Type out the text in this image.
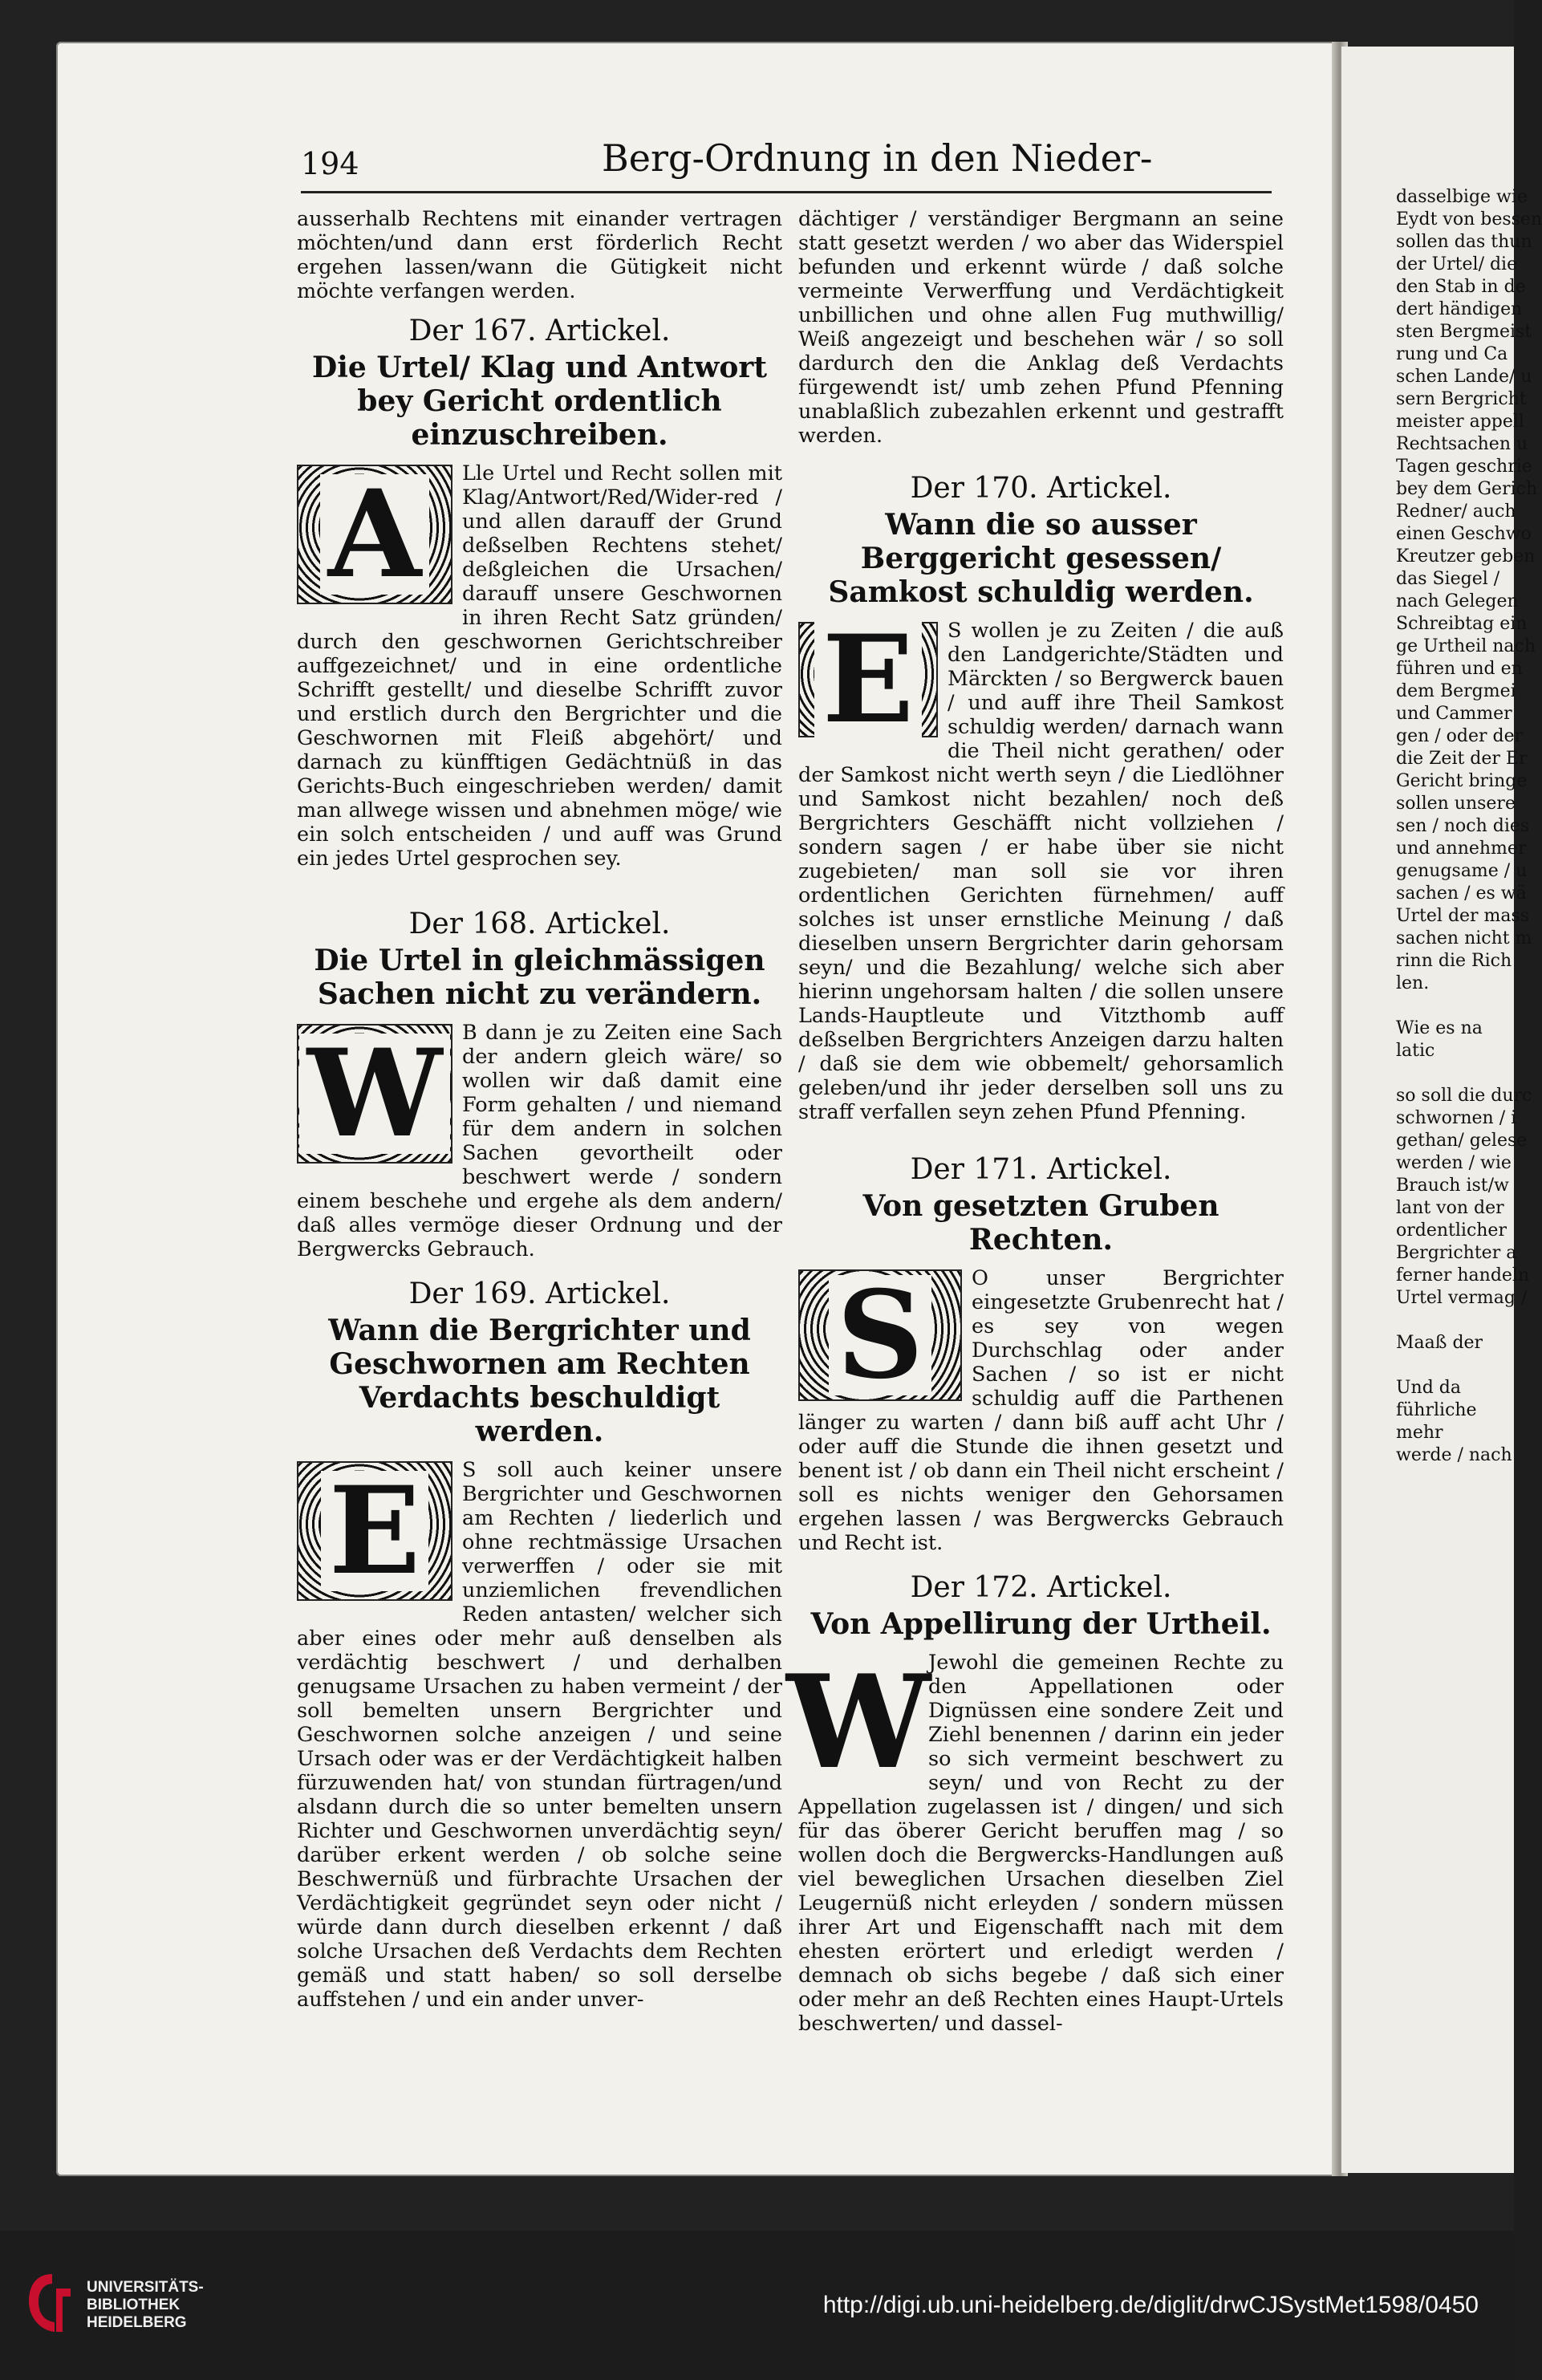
194	Berg-Ordnung in den Nieder-

ausserhalb Rechtens mit einander vertragen möchten/und dann erst förderlich Recht ergehen lassen/wann die Gütigkeit nicht möchte verfangen werden.

Der 167. Artickel.
Die Urtel/ Klag und Antwort bey Gericht ordentlich einzuschreiben.
A	Lle Urtel und Recht sollen mit Klag/Antwort/Red/Wider-red / und allen darauff der Grund deßselben Rechtens stehet/ deßgleichen die Ursachen/ darauff unsere Geschwornen in ihren Recht Satz gründen/ durch den geschwornen Gerichtschreiber auffgezeichnet/ und in eine ordentliche Schrifft gestellt/ und dieselbe Schrifft zuvor und erstlich durch den Bergrichter und die Geschwornen mit Fleiß abgehört/ und darnach zu künfftigen Gedächtnüß in das Gerichts-Buch eingeschrieben werden/ damit man allwege wissen und abnehmen möge/ wie ein solch entscheiden / und auff was Grund ein jedes Urtel gesprochen sey.

Der 168. Artickel.
Die Urtel in gleichmässigen Sachen nicht zu verändern.
W B dann je zu Zeiten eine Sach der andern gleich wäre/ so wollen wir daß damit eine Form gehalten / und niemand für dem andern in solchen Sachen gevortheilt oder beschwert werde / sondern einem beschehe und ergehe als dem andern/ daß alles vermöge dieser Ordnung und der Bergwercks Gebrauch.

Der 169. Artickel.
Wann die Bergrichter und Geschwornen am Rechten Verdachts beschuldigt werden.
E	S soll auch keiner unsere Bergrichter und Geschwornen am Rechten / liederlich und ohne rechtmässige Ursachen verwerffen / oder sie mit unziemlichen frevendlichen Reden antasten/ welcher sich aber eines oder mehr auß denselben als verdächtig beschwert / und derhalben genugsame Ursachen zu haben vermeint / der soll bemelten unsern Bergrichter und Geschwornen solche anzeigen / und seine Ursach oder was er der Verdächtigkeit halben fürzuwenden hat/ von stundan fürtragen/und alsdann durch die so unter bemelten unsern Richter und Geschwornen unverdächtig seyn/ darüber erkent werden / ob solche seine Beschwernüß und fürbrachte Ursachen der Verdächtigkeit gegründet seyn oder nicht / würde dann durch dieselben erkennt / daß solche Ursachen deß Verdachts dem Rechten gemäß und statt haben/ so soll derselbe auffstehen / und ein ander unver-

dächtiger / verständiger Bergmann an seine statt gesetzt werden / wo aber das Widerspiel befunden und erkennt würde / daß solche vermeinte Verwerffung und Verdächtigkeit unbillichen und ohne allen Fug muthwillig/ Weiß angezeigt und beschehen wär / so soll dardurch den die Anklag deß Verdachts fürgewendt ist/ umb zehen Pfund Pfenning unablaßlich zubezahlen erkennt und gestrafft werden.

Der 170. Artickel.
Wann die so ausser Berggericht gesessen/ Samkost schuldig werden.
E	S wollen je zu Zeiten / die auß den Landgerichte/Städten und Märckten / so Bergwerck bauen / und auff ihre Theil Samkost schuldig werden/ darnach wann die Theil nicht gerathen/ oder der Samkost nicht werth seyn / die Liedlöhner und Samkost nicht bezahlen/ noch deß Bergrichters Geschäfft nicht vollziehen / sondern sagen / er habe über sie nicht zugebieten/ man soll sie vor ihren ordentlichen Gerichten fürnehmen/ auff solches ist unser ernstliche Meinung / daß dieselben unsern Bergrichter darin gehorsam seyn/ und die Bezahlung/ welche sich aber hierinn ungehorsam halten / die sollen unsere Lands-Hauptleute und Vitzthomb auff deßselben Bergrichters Anzeigen darzu halten / daß sie dem wie obbemelt/ gehorsamlich geleben/und ihr jeder derselben soll uns zu straff verfallen seyn zehen Pfund Pfenning.

Der 171. Artickel.
Von gesetzten Gruben Rechten.
S	O unser Bergrichter eingesetzte Grubenrecht hat / es sey von wegen Durchschlag oder ander Sachen / so ist er nicht schuldig auff die Parthenen länger zu warten / dann biß auff acht Uhr / oder auff die Stunde die ihnen gesetzt und benent ist / ob dann ein Theil nicht erscheint / soll es nichts weniger den Gehorsamen ergehen lassen / was Bergwercks Gebrauch und Recht ist.

Der 172. Artickel.
Von Appellirung der Urtheil.
W

Jewohl die gemeinen Rechte zu den Appellationen oder Dignüssen eine sondere Zeit und Ziehl benennen / darinn ein jeder so sich vermeint beschwert zu seyn/ und von Recht zu der Appellation zugelassen ist / dingen/ und sich für das öberer Gericht beruffen mag / so wollen doch die Bergwercks-Handlungen auß viel beweglichen Ursachen dieselben Ziel Leugernüß nicht erleyden / sondern müssen ihrer Art und Eigenschafft nach mit dem ehesten erörtert und erledigt werden / demnach ob sichs begebe / daß sich einer oder mehr an deß Rechten eines Haupt-Urtels beschwerten/ und dassel-

dasselbige wie
Eydt von bessen
sollen das thun
der Urtel/ die
den Stab in de
dert händigen
sten Bergmeist
rung und Ca
schen Lande/ u
sern Bergricht
meister appell
Rechtsachen u
Tagen geschrie
bey dem Gerich
Redner/ auch
einen Geschwo
Kreutzer geben
das Siegel /
nach Gelegen
Schreibtag ein
ge Urtheil nach
führen und en
dem Bergmei
und Cammer
gen / oder der
die Zeit der Er
Gericht bringe
sollen unsere
sen / noch dies
und annehmer
genugsame / u
sachen / es wä
Urtel der mass
sachen nicht m
rinn die Rich
len.

Wie es na
latic

so soll die durc
schwornen / i
gethan/ gelese
werden / wie
Brauch ist/w
lant von der
ordentlicher
Bergrichter a
ferner handeln
Urtel vermag /

Maaß der

Und da
führliche
mehr
werde / nach
UNIVERSITÄTS-
BIBLIOTHEK
HEIDELBERG
http://digi.ub.uni-heidelberg.de/diglit/drwCJSystMet1598/0450
